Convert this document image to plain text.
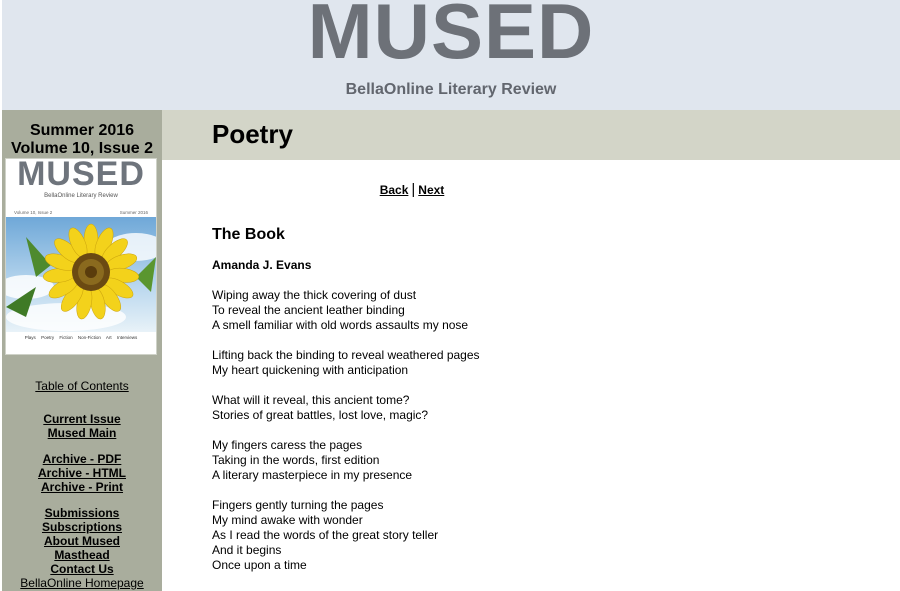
MUSED
BellaOnline Literary Review
Summer 2016
Volume 10, Issue 2
MUSED
BellaOnline Literary Review
Volume 10, Issue 2	Summer 2016
Plays Poetry Fiction Non-Fiction Art Interviews
Table of Contents
Current Issue
Mused Main
Archive - PDF
Archive - HTML
Archive - Print
Submissions
Subscriptions
About Mused
Masthead
Contact Us
BellaOnline Homepage
Poetry
Back | Next
The Book
Amanda J. Evans
Wiping away the thick covering of dust
To reveal the ancient leather binding
A smell familiar with old words assaults my nose
Lifting back the binding to reveal weathered pages
My heart quickening with anticipation
What will it reveal, this ancient tome?
Stories of great battles, lost love, magic?
My fingers caress the pages
Taking in the words, first edition
A literary masterpiece in my presence
Fingers gently turning the pages
My mind awake with wonder
As I read the words of the great story teller
And it begins
Once upon a time
